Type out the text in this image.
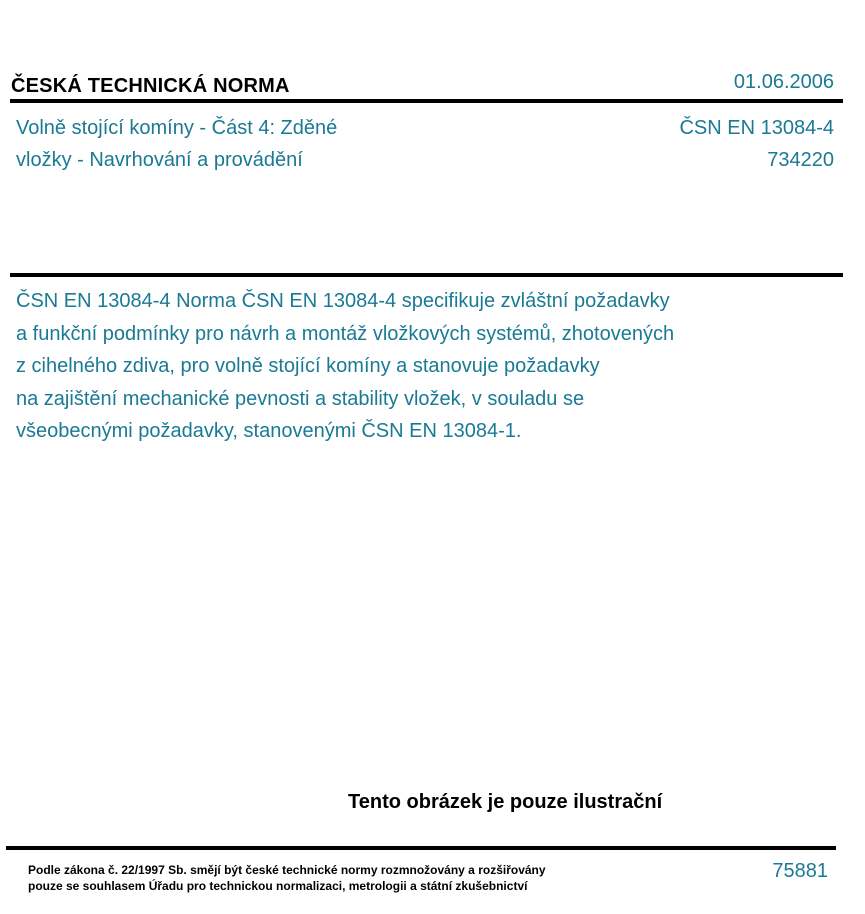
ČESKÁ TECHNICKÁ NORMA	01.06.2006
Volně stojící komíny - Část 4: Zděné
vložky - Navrhování a provádění
ČSN EN 13084-4
734220
ČSN EN 13084-4 Norma ČSN EN 13084-4 specifikuje zvláštní požadavky
a funkční podmínky pro návrh a montáž vložkových systémů, zhotovených
z cihelného zdiva, pro volně stojící komíny a stanovuje požadavky
na zajištění mechanické pevnosti a stability vložek, v souladu se
všeobecnými požadavky, stanovenými ČSN EN 13084-1.
Tento obrázek je pouze ilustrační
Podle zákona č. 22/1997 Sb. smějí být české technické normy rozmnožovány a rozšiřovány
pouze se souhlasem Úřadu pro technickou normalizaci, metrologii a státní zkušebnictví
75881
